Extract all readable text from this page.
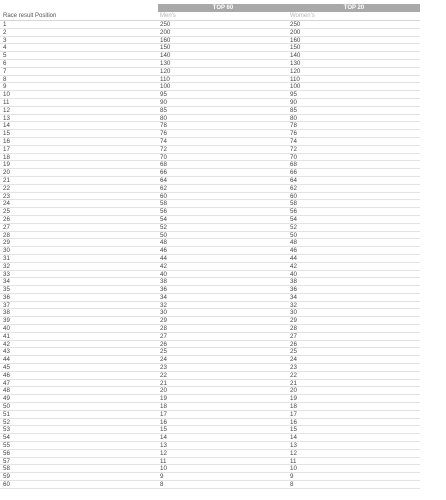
TOP 60	TOP 20
Race result Position	Men's	Women's
1	250	250
2	200	200
3	160	160
4	150	150
5	140	140
6	130	130
7	120	120
8	110	110
9	100	100
10	95	95
11	90	90
12	85	85
13	80	80
14	78	78
15	76	76
16	74	74
17	72	72
18	70	70
19	68	68
20	66	66
21	64	64
22	62	62
23	60	60
24	58	58
25	56	56
26	54	54
27	52	52
28	50	50
29	48	48
30	46	46
31	44	44
32	42	42
33	40	40
34	38	38
35	36	36
36	34	34
37	32	32
38	30	30
39	29	29
40	28	28
41	27	27
42	26	26
43	25	25
44	24	24
45	23	23
46	22	22
47	21	21
48	20	20
49	19	19
50	18	18
51	17	17
52	16	16
53	15	15
54	14	14
55	13	13
56	12	12
57	11	11
58	10	10
59	9	9
60	8	8
